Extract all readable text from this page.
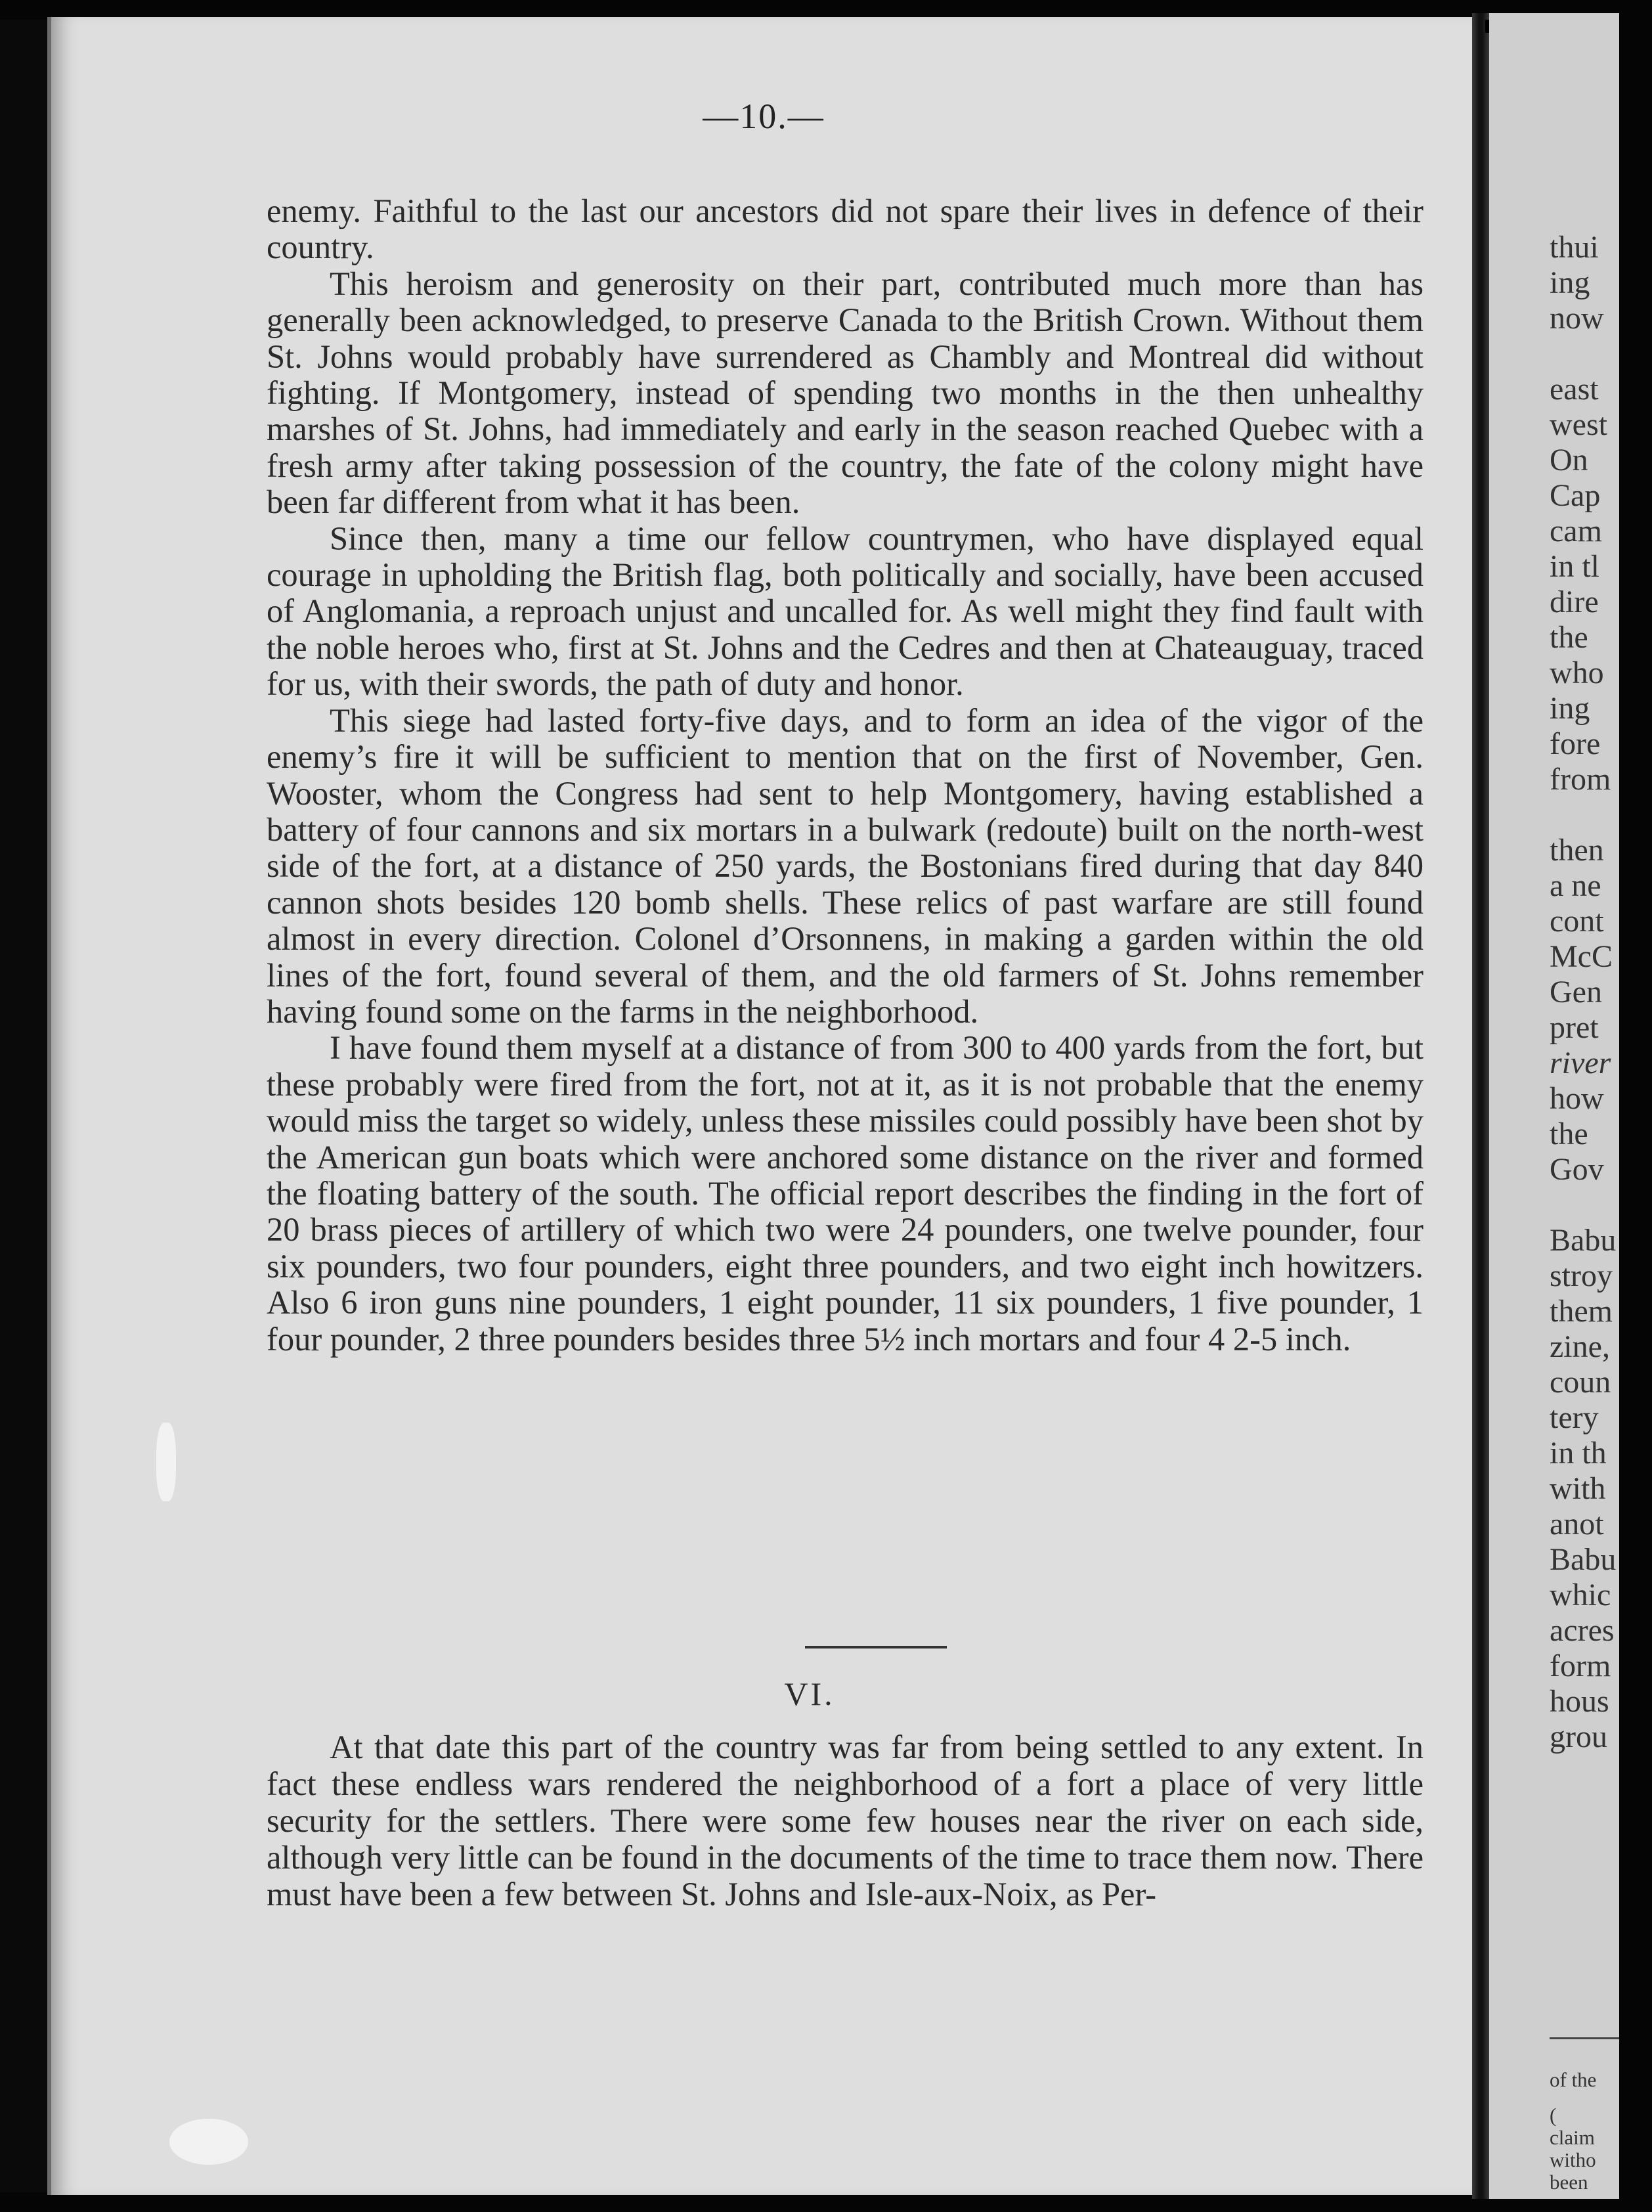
—10.—

enemy. Faithful to the last our ancestors did not spare their lives in defence of their country.

This heroism and generosity on their part, contributed much more than has generally been acknowledged, to preserve Canada to the British Crown. Without them St. Johns would probably have surrendered as Chambly and Montreal did without fighting. If Montgomery, instead of spending two months in the then unhealthy marshes of St. Johns, had immediately and early in the season reached Quebec with a fresh army after taking possession of the country, the fate of the colony might have been far different from what it has been.

Since then, many a time our fellow countrymen, who have displayed equal courage in upholding the British flag, both politically and socially, have been accused of Anglomania, a reproach unjust and uncalled for. As well might they find fault with the noble heroes who, first at St. Johns and the Cedres and then at Chateauguay, traced for us, with their swords, the path of duty and honor.

This siege had lasted forty-five days, and to form an idea of the vigor of the enemy’s fire it will be sufficient to mention that on the first of November, Gen. Wooster, whom the Congress had sent to help Montgomery, having established a battery of four cannons and six mortars in a bulwark (redoute) built on the north-west side of the fort, at a distance of 250 yards, the Bostonians fired during that day 840 cannon shots besides 120 bomb shells. These relics of past warfare are still found almost in every direction. Colonel d’Orsonnens, in making a garden within the old lines of the fort, found several of them, and the old farmers of St. Johns remember having found some on the farms in the neighborhood.

I have found them myself at a distance of from 300 to 400 yards from the fort, but these probably were fired from the fort, not at it, as it is not probable that the enemy would miss the target so widely, unless these missiles could possibly have been shot by the American gun boats which were anchored some distance on the river and formed the floating battery of the south. The official report describes the finding in the fort of 20 brass pieces of artillery of which two were 24 pounders, one twelve pounder, four six pounders, two four pounders, eight three pounders, and two eight inch howitzers. Also 6 iron guns nine pounders, 1 eight pounder, 11 six pounders, 1 five pounder, 1 four pounder, 2 three pounders besides three 5½ inch mortars and four 4 2-5 inch.

VI.

At that date this part of the country was far from being settled to any extent. In fact these endless wars rendered the neighborhood of a fort a place of very little security for the settlers. There were some few houses near the river on each side, although very little can be found in the documents of the time to trace them now. There must have been a few between St. Johns and Isle-aux-Noix, as Per-

thui
ing
now
east
west
On
Cap
cam
in tl
dire
the
who
ing
fore
from
then
a ne
cont
McC
Gen
pret
river
how
the
Gov
Babu
stroy
them
zine,
coun
tery
in th
with
anot
Babu
whic
acres
form
hous
grou
of the
(
claim
witho
been
